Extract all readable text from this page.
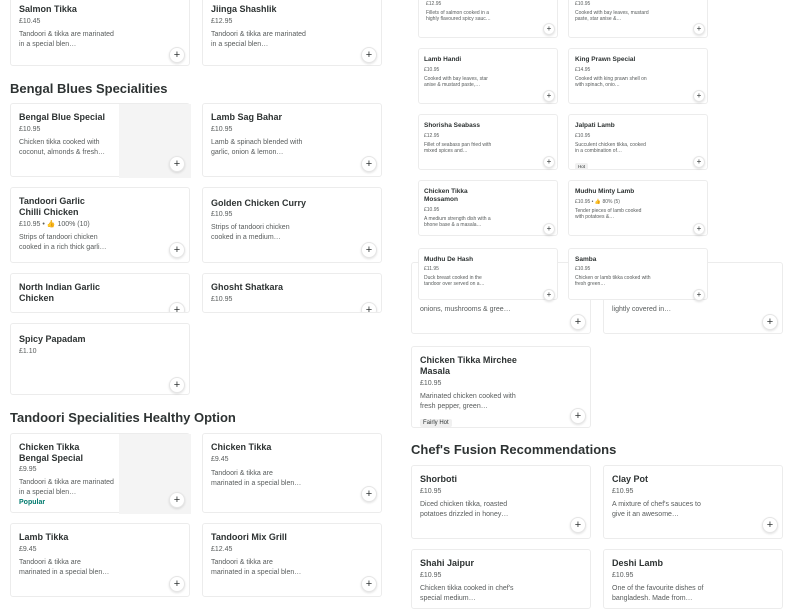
Salmon Tikka
£10.45
Tandoori & tikka are marinated in a special blen…
+
Jiinga Shashlik
£12.95
Tandoori & tikka are marinated in a special blen…
+
Bengal Blues Specialities
Bengal Blue Special
£10.95
Chicken tikka cooked with coconut, almonds & fresh…
+
Lamb Sag Bahar
£10.95
Lamb & spinach blended with garlic, onion & lemon…
+
Tandoori Garlic Chilli Chicken
£10.95 • 👍 100% (10)
Strips of tandoori chicken cooked in a rich thick garli…	+
Golden Chicken Curry
£10.95
Strips of tandoori chicken cooked in a medium…
+
North Indian Garlic Chicken
+
Ghosht Shatkara
£10.95
+
Spicy Papadam
£1.10
+
Tandoori Specialities Healthy Option
Chicken Tikka Bengal Special
£9.95
Tandoori & tikka are marinated in a special blen…
Popular	+
Chicken Tikka
£9.45
Tandoori & tikka are marinated in a special blen…
+
Lamb Tikka
£9.45
Tandoori & tikka are marinated in a special blen…
+
Tandoori Mix Grill
£12.45
Tandoori & tikka are marinated in a special blen…
+
onions, mushrooms & gree…
+
lightly covered in…
+
£12.95
Fillets of salmon cooked in a highly flavoured spicy sauc…
+
£10.95
Cooked with bay leaves, mustard paste, star anise &…
+
Lamb Handi
£10.95
Cooked with bay leaves, star anise & mustard paste,…
+
King Prawn Special
£14.95
Cooked with king prawn shell on with spinach, onio…
+
Shorisha Seabass
£12.95
Fillet of seabass pan fried with mixed spices and…
+
Jalpati Lamb
£10.95
Succulent chicken tikka, cooked in a combination of…
Hot	+
Chicken Tikka Mossamon
£10.95
A medium strength dish with a bhone base & a masala…	+
Mudhu Minty Lamb
£10.95 • 👍 80% (5)
Tender pieces of lamb cooked with potatoes &…
+
Mudhu De Hash
£11.95
Duck breast cooked in the tandoor over served on a…
+
Samba
£10.95
Chicken or lamb tikka cooked with fresh green…
+
Chicken Tikka Mirchee Masala
£10.95
Marinated chicken cooked with fresh pepper, green…
Fairly Hot
+
Chef's Fusion Recommendations
Shorboti
£10.95
Diced chicken tikka, roasted potatoes drizzled in honey…
+
Clay Pot
£10.95
A mixture of chef's sauces to give it an awesome…
+
Shahi Jaipur
£10.95
Chicken tikka cooked in chef's special medium…
Deshi Lamb
£10.95
One of the favourite dishes of bangladesh. Made from…
